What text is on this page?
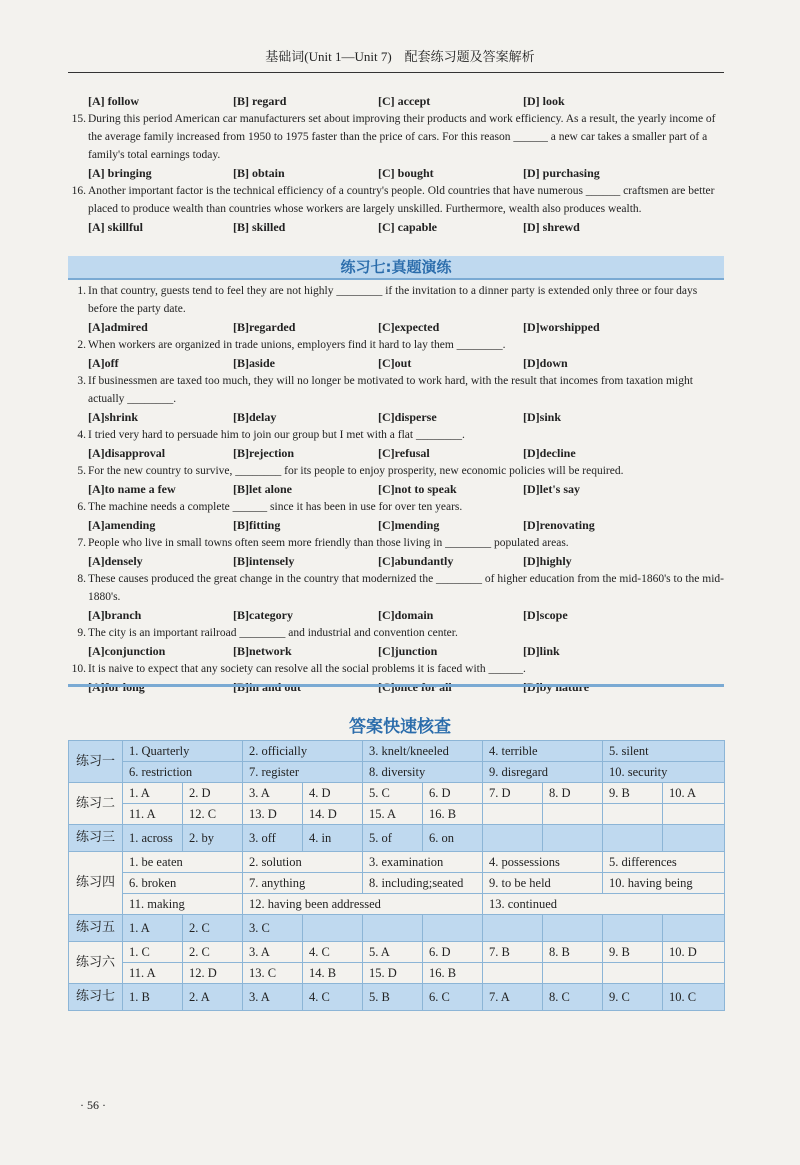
基础词(Unit 1—Unit 7)　配套练习题及答案解析
[A] follow	[B] regard	[C] accept	[D] look
15. During this period American car manufacturers set about improving their products and work efficiency. As a result, the yearly income of the average family increased from 1950 to 1975 faster than the price of cars. For this reason ______ a new car takes a smaller part of a family's total earnings today.
[A] bringing	[B] obtain	[C] bought	[D] purchasing
16. Another important factor is the technical efficiency of a country's people. Old countries that have numerous ______ craftsmen are better placed to produce wealth than countries whose workers are largely unskilled. Furthermore, wealth also produces wealth.
[A] skillful	[B] skilled	[C] capable	[D] shrewd
练习七:真题演练
1. In that country, guests tend to feel they are not highly ________ if the invitation to a dinner party is extended only three or four days before the party date.
[A]admired	[B]regarded	[C]expected	[D]worshipped
2. When workers are organized in trade unions, employers find it hard to lay them ________.
[A]off	[B]aside	[C]out	[D]down
3. If businessmen are taxed too much, they will no longer be motivated to work hard, with the result that incomes from taxation might actually ________.
[A]shrink	[B]delay	[C]disperse	[D]sink
4. I tried very hard to persuade him to join our group but I met with a flat ________.
[A]disapproval	[B]rejection	[C]refusal	[D]decline
5. For the new country to survive, ________ for its people to enjoy prosperity, new economic policies will be required.
[A]to name a few	[B]let alone	[C]not to speak	[D]let's say
6. The machine needs a complete ______ since it has been in use for over ten years.
[A]amending	[B]fitting	[C]mending	[D]renovating
7. People who live in small towns often seem more friendly than those living in ________ populated areas.
[A]densely	[B]intensely	[C]abundantly	[D]highly
8. These causes produced the great change in the country that modernized the ________ of higher education from the mid-1860's to the mid-1880's.
[A]branch	[B]category	[C]domain	[D]scope
9. The city is an important railroad ________ and industrial and convention center.
[A]conjunction	[B]network	[C]junction	[D]link
10. It is naive to expect that any society can resolve all the social problems it is faced with ______.
[A]for long	[B]in and out	[C]once for all	[D]by nature
答案快速核查
练习一	1. Quarterly		2. officially		3. knelt/kneeled		4. terrible		5. silent	
	6. restriction		7. register		8. diversity		9. disregard		10. security	
练习二	1. A	2. D	3. A	4. D	5. C	6. D	7. D	8. D	9. B	10. A
	11. A	12. C	13. D	14. D	15. A	16. B				
练习三	1. across	2. by	3. off	4. in	5. of	6. on				
练习四	1. be eaten		2. solution		3. examination		4. possessions		5. differences	
	6. broken		7. anything		8. including;seated		9. to be held		10. having being	
	11. making		12. having been addressed				13. continued			
练习五	1. A	2. C	3. C							
练习六	1. C	2. C	3. A	4. C	5. A	6. D	7. B	8. B	9. B	10. D
	11. A	12. D	13. C	14. B	15. D	16. B				
练习七	1. B	2. A	3. A	4. C	5. B	6. C	7. A	8. C	9. C	10. C
· 56 ·
